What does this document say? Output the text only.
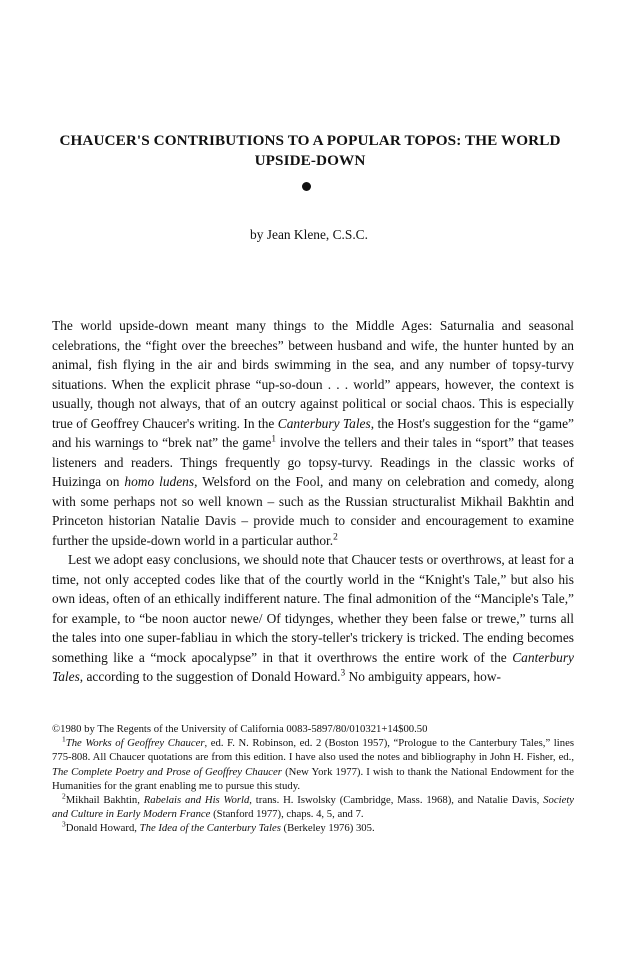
CHAUCER'S CONTRIBUTIONS TO A POPULAR TOPOS: THE WORLD UPSIDE-DOWN
by Jean Klene, C.S.C.

The world upside-down meant many things to the Middle Ages: Saturnalia and seasonal celebrations, the “fight over the breeches” between husband and wife, the hunter hunted by an animal, fish flying in the air and birds swimming in the sea, and any number of topsy-turvy situations. When the explicit phrase “up-so-doun . . . world” appears, however, the context is usually, though not always, that of an outcry against political or social chaos. This is especially true of Geoffrey Chaucer's writing. In the Canterbury Tales, the Host's suggestion for the “game” and his warnings to “brek nat” the game$^1$ involve the tellers and their tales in “sport” that teases listeners and readers. Things frequently go topsy-turvy. Readings in the classic works of Huizinga on homo ludens, Welsford on the Fool, and many on celebration and comedy, along with some perhaps not so well known – such as the Russian structuralist Mikhail Bakhtin and Princeton historian Natalie Davis – provide much to consider and encouragement to examine further the upside-down world in a particular author.$^2$

Lest we adopt easy conclusions, we should note that Chaucer tests or overthrows, at least for a time, not only accepted codes like that of the courtly world in the “Knight's Tale,” but also his own ideas, often of an ethically indifferent nature. The final admonition of the “Manciple's Tale,” for example, to “be noon auctor newe/ Of tidynges, whether they been false or trewe,” turns all the tales into one super-fabliau in which the story-teller's trickery is tricked. The ending becomes something like a “mock apocalypse” in that it overthrows the entire work of the Canterbury Tales, according to the suggestion of Donald Howard.$^3$ No ambiguity appears, how-

©1980 by The Regents of the University of California 0083-5897/80/010321+14$00.50

$^1$The Works of Geoffrey Chaucer, ed. F. N. Robinson, ed. 2 (Boston 1957), “Prologue to the Canterbury Tales,” lines 775-808. All Chaucer quotations are from this edition. I have also used the notes and bibliography in John H. Fisher, ed., The Complete Poetry and Prose of Geoffrey Chaucer (New York 1977). I wish to thank the National Endowment for the Humanities for the grant enabling me to pursue this study.

$^2$Mikhail Bakhtin, Rabelais and His World, trans. H. Iswolsky (Cambridge, Mass. 1968), and Natalie Davis, Society and Culture in Early Modern France (Stanford 1977), chaps. 4, 5, and 7.

$^3$Donald Howard, The Idea of the Canterbury Tales (Berkeley 1976) 305.
